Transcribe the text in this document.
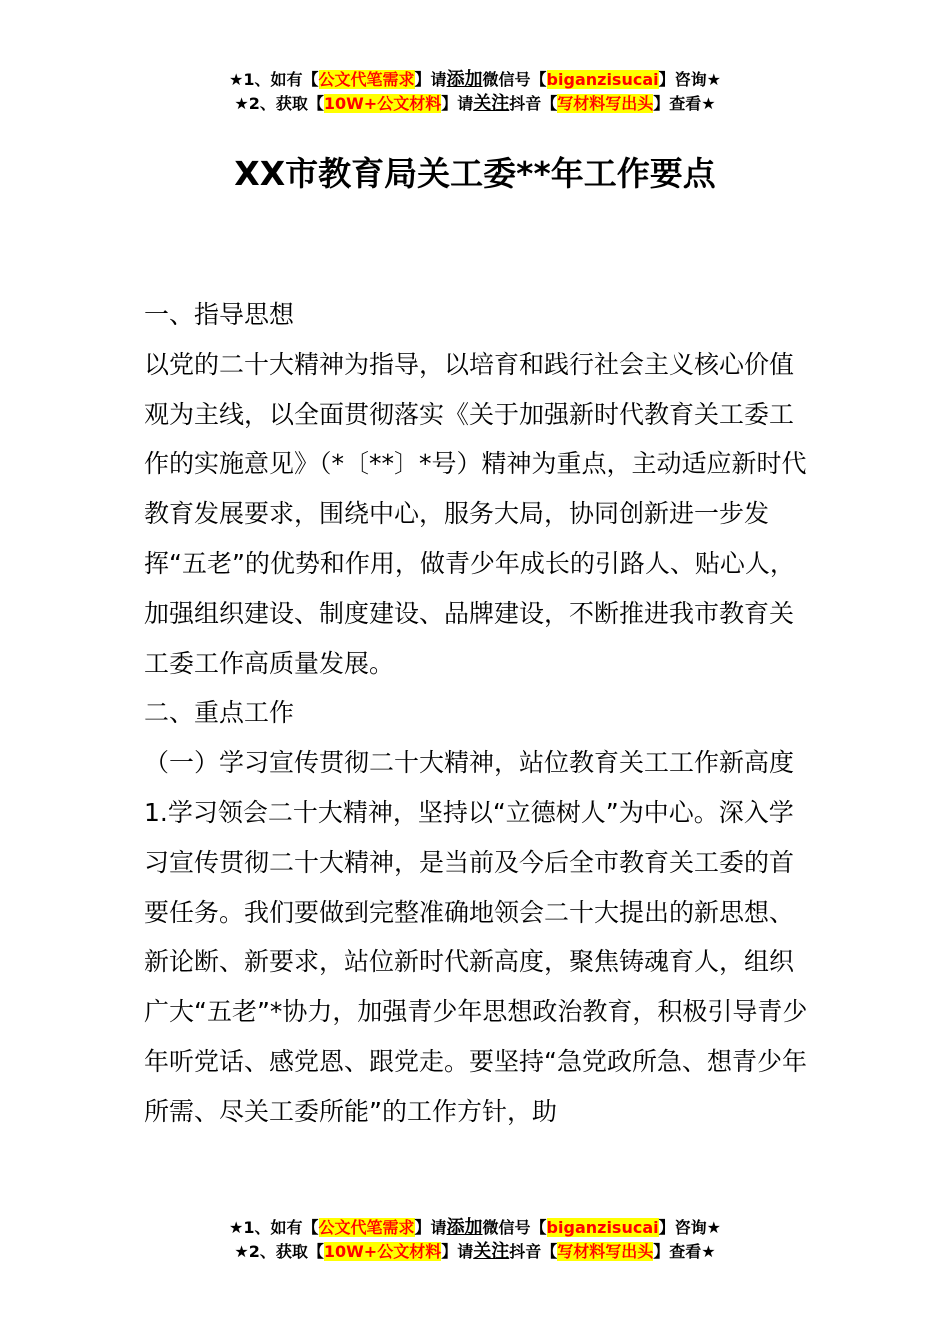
★1、如有【公文代笔需求】请添加微信号【biganzisucai】咨询★
★2、获取【10W+公文材料】请关注抖音【写材料写出头】查看★
XX市教育局关工委**年工作要点

一、指导思想

以党的二十大精神为指导，以培育和践行社会主义核心价值观为主线，以全面贯彻落实《关于加强新时代教育关工委工作的实施意见》（*〔**〕*号）精神为重点，主动适应新时代教育发展要求，围绕中心，服务大局，协同创新进一步发挥“五老”的优势和作用，做青少年成长的引路人、贴心人，加强组织建设、制度建设、品牌建设，不断推进我市教育关工委工作高质量发展。

二、重点工作

（一）学习宣传贯彻二十大精神，站位教育关工工作新高度

1.学习领会二十大精神，坚持以“立德树人”为中心。深入学习宣传贯彻二十大精神，是当前及今后全市教育关工委的首要任务。我们要做到完整准确地领会二十大提出的新思想、新论断、新要求，站位新时代新高度，聚焦铸魂育人，组织广大“五老”*协力，加强青少年思想政治教育，积极引导青少年听党话、感党恩、跟党走。要坚持“急党政所急、想青少年所需、尽关工委所能”的工作方针，助

★1、如有【公文代笔需求】请添加微信号【biganzisucai】咨询★
★2、获取【10W+公文材料】请关注抖音【写材料写出头】查看★
